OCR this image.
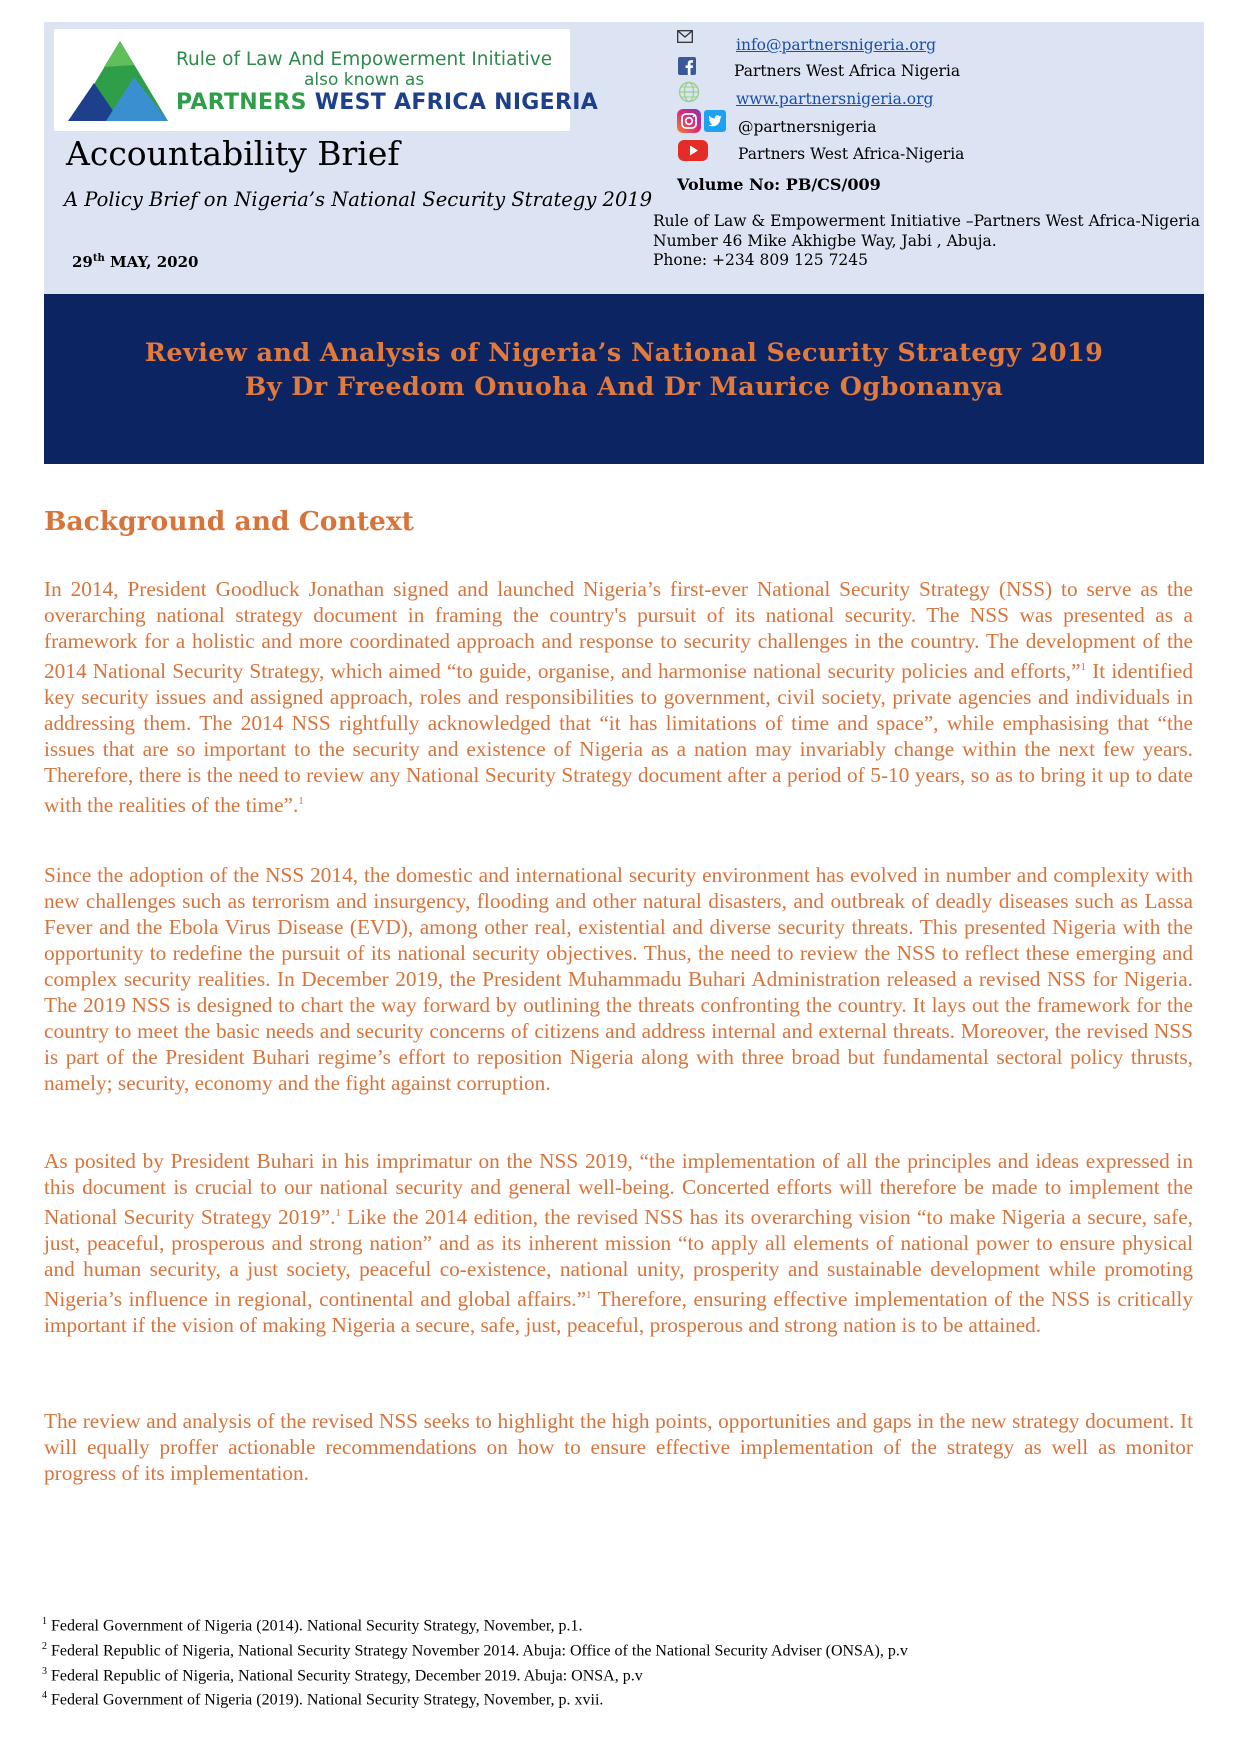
Rule of Law And Empowerment Initiative
also known as
PARTNERS WEST AFRICA NIGERIA
Accountability Brief
A Policy Brief on Nigeria’s National Security Strategy 2019
29th MAY, 2020
info@partnersnigeria.org
Partners West Africa Nigeria
www.partnersnigeria.org
@partnersnigeria
Partners West Africa-Nigeria
Volume No: PB/CS/009
Rule of Law & Empowerment Initiative –Partners West Africa-Nigeria
Number 46 Mike Akhigbe Way, Jabi , Abuja.
Phone: +234 809 125 7245
Review and Analysis of Nigeria’s National Security Strategy 2019
By Dr Freedom Onuoha And Dr Maurice Ogbonanya
Background and Context

In 2014, President Goodluck Jonathan signed and launched Nigeria’s first-ever National Security Strategy (NSS) to serve as the overarching national strategy document in framing the country's pursuit of its national security. The NSS was presented as a framework for a holistic and more coordinated approach and response to security challenges in the country. The development of the 2014 National Security Strategy, which aimed “to guide, organise, and harmonise national security policies and efforts,”$^1$ It identified key security issues and assigned approach, roles and responsibilities to government, civil society, private agencies and individuals in addressing them. The 2014 NSS rightfully acknowledged that “it has limitations of time and space”, while emphasising that “the issues that are so important to the security and existence of Nigeria as a nation may invariably change within the next few years. Therefore, there is the need to review any National Security Strategy document after a period of 5-10 years, so as to bring it up to date with the realities of the time”.$^1$

Since the adoption of the NSS 2014, the domestic and international security environment has evolved in number and complexity with new challenges such as terrorism and insurgency, flooding and other natural disasters, and outbreak of deadly diseases such as Lassa Fever and the Ebola Virus Disease (EVD), among other real, existential and diverse security threats. This presented Nigeria with the opportunity to redefine the pursuit of its national security objectives. Thus, the need to review the NSS to reflect these emerging and complex security realities. In December 2019, the President Muhammadu Buhari Administration released a revised NSS for Nigeria. The 2019 NSS is designed to chart the way forward by outlining the threats confronting the country. It lays out the framework for the country to meet the basic needs and security concerns of citizens and address internal and external threats. Moreover, the revised NSS is part of the President Buhari regime’s effort to reposition Nigeria along with three broad but fundamental sectoral policy thrusts, namely; security, economy and the fight against corruption.

As posited by President Buhari in his imprimatur on the NSS 2019, “the implementation of all the principles and ideas expressed in this document is crucial to our national security and general well-being. Concerted efforts will therefore be made to implement the National Security Strategy 2019”.$^1$ Like the 2014 edition, the revised NSS has its overarching vision “to make Nigeria a secure, safe, just, peaceful, prosperous and strong nation” and as its inherent mission “to apply all elements of national power to ensure physical and human security, a just society, peaceful co-existence, national unity, prosperity and sustainable development while promoting Nigeria’s influence in regional, continental and global affairs.”$^1$ Therefore, ensuring effective implementation of the NSS is critically important if the vision of making Nigeria a secure, safe, just, peaceful, prosperous and strong nation is to be attained.

The review and analysis of the revised NSS seeks to highlight the high points, opportunities and gaps in the new strategy document. It will equally proffer actionable recommendations on how to ensure effective implementation of the strategy as well as monitor progress of its implementation.

$^1$ Federal Government of Nigeria (2014). National Security Strategy, November, p.1.
$^2$ Federal Republic of Nigeria, National Security Strategy November 2014. Abuja: Office of the National Security Adviser (ONSA), p.v
$^3$ Federal Republic of Nigeria, National Security Strategy, December 2019. Abuja: ONSA, p.v
$^4$ Federal Government of Nigeria (2019). National Security Strategy, November, p. xvii.
